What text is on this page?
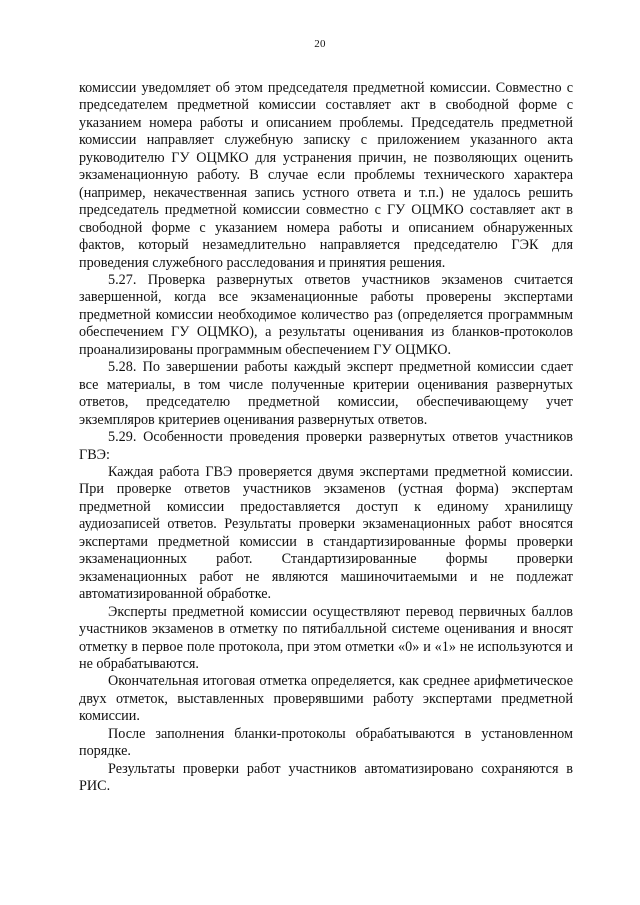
20

комиссии уведомляет об этом председателя предметной комиссии. Совместно с председателем предметной комиссии составляет акт в свободной форме с указанием номера работы и описанием проблемы. Председатель предметной комиссии направляет служебную записку с приложением указанного акта руководителю ГУ ОЦМКО для устранения причин, не позволяющих оценить экзаменационную работу. В случае если проблемы технического характера (например, некачественная запись устного ответа и т.п.) не удалось решить председатель предметной комиссии совместно с ГУ ОЦМКО составляет акт в свободной форме с указанием номера работы и описанием обнаруженных фактов, который незамедлительно направляется председателю ГЭК для проведения служебного расследования и принятия решения.

5.27. Проверка развернутых ответов участников экзаменов считается завершенной, когда все экзаменационные работы проверены экспертами предметной комиссии необходимое количество раз (определяется программным обеспечением ГУ ОЦМКО), а результаты оценивания из бланков-протоколов проанализированы программным обеспечением ГУ ОЦМКО.

5.28. По завершении работы каждый эксперт предметной комиссии сдает все материалы, в том числе полученные критерии оценивания развернутых ответов, председателю предметной комиссии, обеспечивающему учет экземпляров критериев оценивания развернутых ответов.

5.29. Особенности проведения проверки развернутых ответов участников ГВЭ:

Каждая работа ГВЭ проверяется двумя экспертами предметной комиссии. При проверке ответов участников экзаменов (устная форма) экспертам предметной комиссии предоставляется доступ к единому хранилищу аудиозаписей ответов. Результаты проверки экзаменационных работ вносятся экспертами предметной комиссии в стандартизированные формы проверки экзаменационных работ. Стандартизированные формы проверки экзаменационных работ не являются машиночитаемыми и не подлежат автоматизированной обработке.

Эксперты предметной комиссии осуществляют перевод первичных баллов участников экзаменов в отметку по пятибалльной системе оценивания и вносят отметку в первое поле протокола, при этом отметки «0» и «1» не используются и не обрабатываются.

Окончательная итоговая отметка определяется, как среднее арифметическое двух отметок, выставленных проверявшими работу экспертами предметной комиссии.

После заполнения бланки-протоколы обрабатываются в установленном порядке.

Результаты проверки работ участников автоматизировано сохраняются в РИС.
